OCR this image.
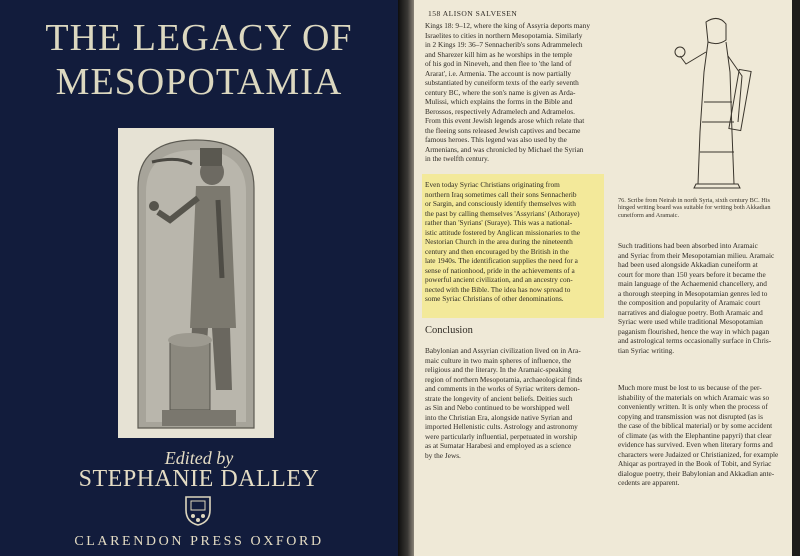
THE LEGACY OF
MESOPOTAMIA
Edited by
STEPHANIE DALLEY
CLARENDON PRESS OXFORD
158 ALISON SALVESEN
Kings 18: 9–12, where the king of Assyria deports many
Israelites to cities in northern Mesopotamia. Similarly
in 2 Kings 19: 36–7 Sennacherib's sons Adrammelech
and Sharezer kill him as he worships in the temple
of his god in Nineveh, and then flee to 'the land of
Ararat', i.e. Armenia. The account is now partially
substantiated by cuneiform texts of the early seventh
century BC, where the son's name is given as Arda-
Mulissi, which explains the forms in the Bible and
Berossos, respectively Adramelech and Adramelos.
From this event Jewish legends arose which relate that
the fleeing sons released Jewish captives and became
famous heroes. This legend was also used by the
Armenians, and was chronicled by Michael the Syrian
in the twelfth century.
Even today Syriac Christians originating from
northern Iraq sometimes call their sons Sennacherib
or Sargin, and consciously identify themselves with
the past by calling themselves 'Assyrians' (Athoraye)
rather than 'Syrians' (Suraye). This was a national-
istic attitude fostered by Anglican missionaries to the
Nestorian Church in the area during the nineteenth
century and then encouraged by the British in the
late 1940s. The identification supplies the need for a
sense of nationhood, pride in the achievements of a
powerful ancient civilization, and an ancestry con-
nected with the Bible. The idea has now spread to
some Syriac Christians of other denominations.
Conclusion
Babylonian and Assyrian civilization lived on in Ara-
maic culture in two main spheres of influence, the
religious and the literary. In the Aramaic-speaking
region of northern Mesopotamia, archaeological finds
and comments in the works of Syriac writers demon-
strate the longevity of ancient beliefs. Deities such
as Sin and Nebo continued to be worshipped well
into the Christian Era, alongside native Syrian and
imported Hellenistic cults. Astrology and astronomy
were particularly influential, perpetuated in worship
as at Sumatar Harabesi and employed as a science
by the Jews.
76. Scribe from Neirab in north Syria, sixth century BC. His
hinged writing board was suitable for writing both Akkadian
cuneiform and Aramaic.
Such traditions had been absorbed into Aramaic
and Syriac from their Mesopotamian milieu. Aramaic
had been used alongside Akkadian cuneiform at
court for more than 150 years before it became the
main language of the Achaemenid chancellery, and
a thorough steeping in Mesopotamian genres led to
the composition and popularity of Aramaic court
narratives and dialogue poetry. Both Aramaic and
Syriac were used while traditional Mesopotamian
paganism flourished, hence the way in which pagan
and astrological terms occasionally surface in Chris-
tian Syriac writing.
Much more must be lost to us because of the per-
ishability of the materials on which Aramaic was so
conveniently written. It is only when the process of
copying and transmission was not disrupted (as is
the case of the biblical material) or by some accident
of climate (as with the Elephantine papyri) that clear
evidence has survived. Even when literary forms and
characters were Judaized or Christianized, for example
Ahiqar as portrayed in the Book of Tobit, and Syriac
dialogue poetry, their Babylonian and Akkadian ante-
cedents are apparent.
